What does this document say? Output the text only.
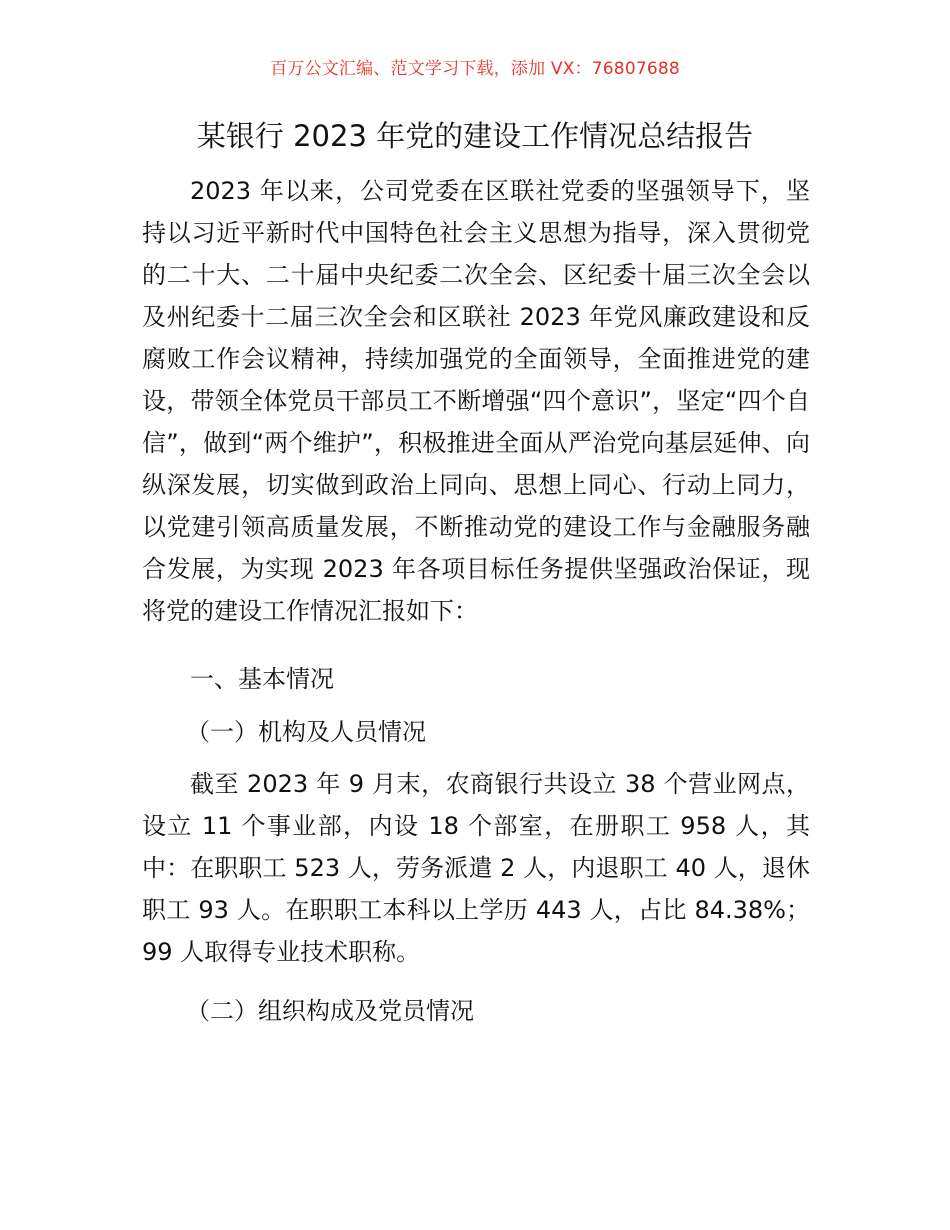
百万公文汇编、范文学习下载，添加 VX：76807688
某银行 2023 年党的建设工作情况总结报告

2023 年以来，公司党委在区联社党委的坚强领导下，坚持以习近平新时代中国特色社会主义思想为指导，深入贯彻党的二十大、二十届中央纪委二次全会、区纪委十届三次全会以及州纪委十二届三次全会和区联社 2023 年党风廉政建设和反腐败工作会议精神，持续加强党的全面领导，全面推进党的建设，带领全体党员干部员工不断增强“四个意识”，坚定“四个自信”，做到“两个维护”，积极推进全面从严治党向基层延伸、向纵深发展，切实做到政治上同向、思想上同心、行动上同力，以党建引领高质量发展，不断推动党的建设工作与金融服务融合发展，为实现 2023 年各项目标任务提供坚强政治保证，现将党的建设工作情况汇报如下：

一、基本情况
（一）机构及人员情况

截至 2023 年 9 月末，农商银行共设立 38 个营业网点，设立 11 个事业部，内设 18 个部室，在册职工 958 人，其中：在职职工 523 人，劳务派遣 2 人，内退职工 40 人，退休职工 93 人。在职职工本科以上学历 443 人，占比 84.38%；99 人取得专业技术职称。

（二）组织构成及党员情况
